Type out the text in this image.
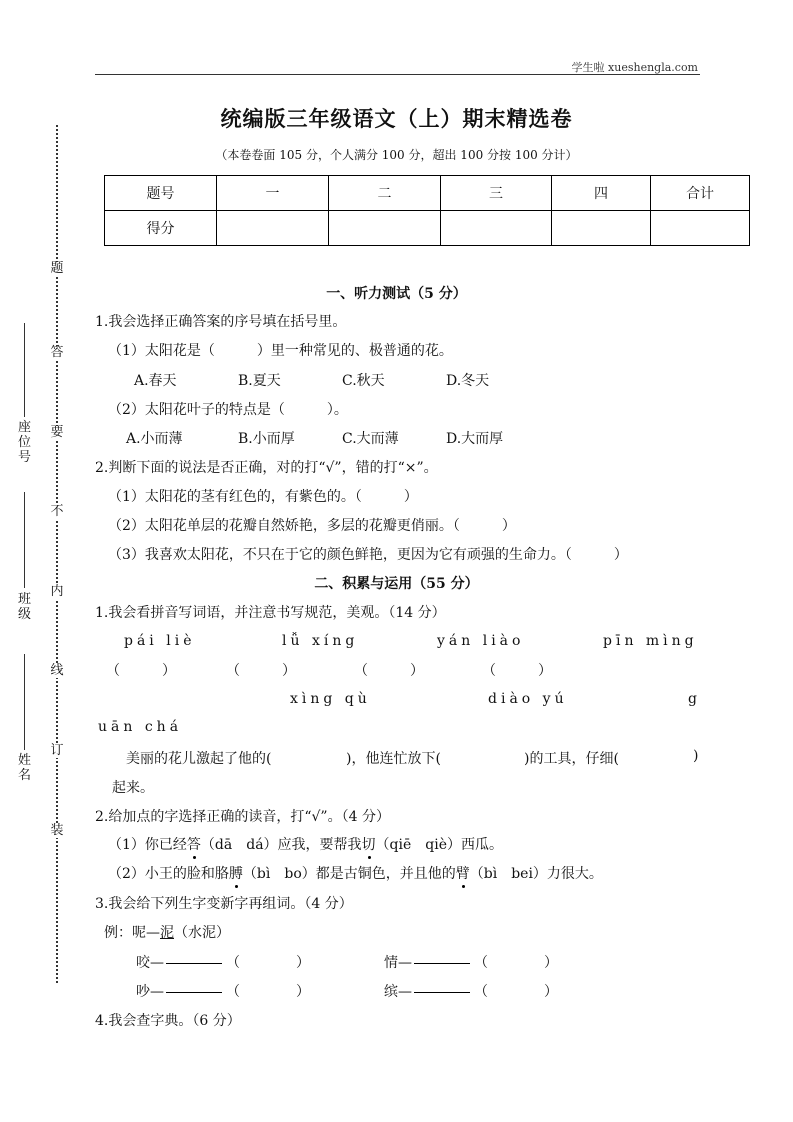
学生啦 xueshengla.com
题
答
要
不
内
线
订
装
座位号
班级
姓名
统编版三年级语文（上）期末精选卷
（本卷卷面 105 分，个人满分 100 分，超出 100 分按 100 分计）
题号	一	二	三	四	合计
得分					
一、听力测试（5 分）
1.我会选择正确答案的序号填在括号里。
（1）太阳花是（　　　）里一种常见的、极普通的花。
A.春天	B.夏天	C.秋天	D.冬天
（2）太阳花叶子的特点是（　　　）。
A.小而薄	B.小而厚	C.大而薄	D.大而厚
2.判断下面的说法是否正确，对的打“√”，错的打“×”。
（1）太阳花的茎有红色的，有紫色的。（　　　）
（2）太阳花单层的花瓣自然娇艳，多层的花瓣更俏丽。（　　　）
（3）我喜欢太阳花，不只在于它的颜色鲜艳，更因为它有顽强的生命力。（　　　）
二、积累与运用（55 分）
1.我会看拼音写词语，并注意书写规范，美观。（14 分）
pái liè	lǚ xíng	yán liào	pīn mìng
（　　　）	（　　　）	（　　　）	（　　　）
xìng qù	diào yú	g
uān chá
美丽的花儿激起了他的(	)，他连忙放下(	)的工具，仔细(	)
起来。
2.给加点的字选择正确的读音，打“√”。（4 分）
（1）你已经答（dā　dá）应我，要帮我切（qiē　qiè）西瓜。
（2）小王的脸和胳膊（bì　bo）都是古铜色，并且他的臂（bì　bei）力很大。
3.我会给下列生字变新字再组词。（4 分）
例：呢—泥（水泥）
咬—	（　　　　）	情—	（　　　　）
吵—	（　　　　）	缤—	（　　　　）
4.我会查字典。（6 分）
